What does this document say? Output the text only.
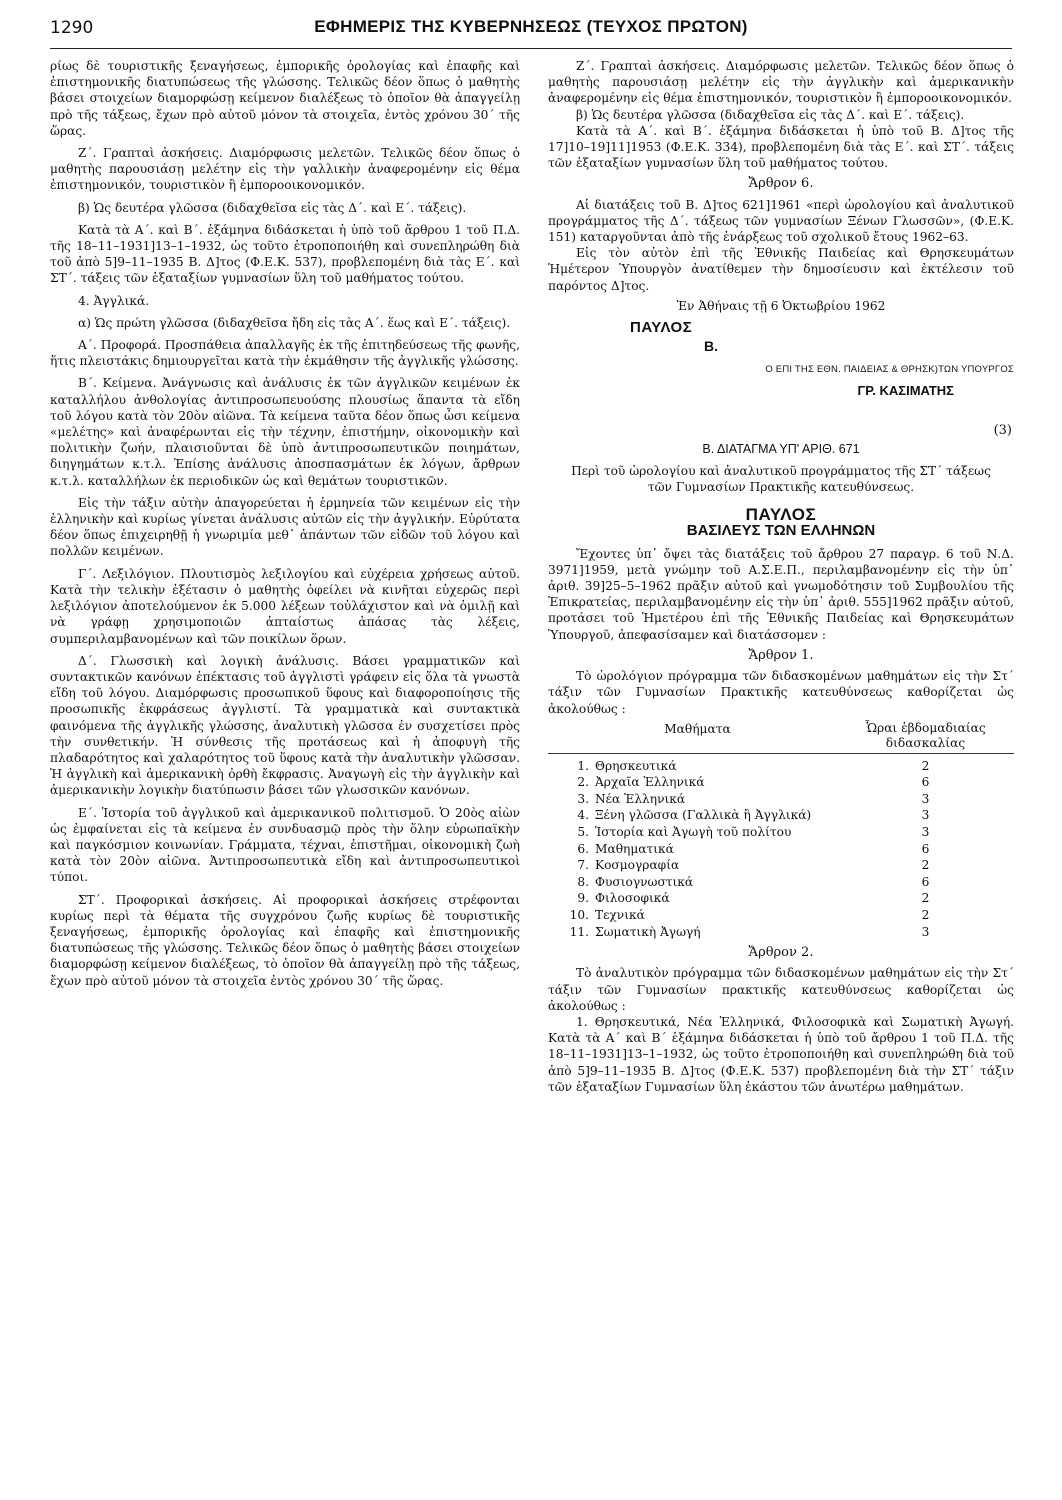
1290	ΕΦΗΜΕΡΙΣ ΤΗΣ ΚΥΒΕΡΝΗΣΕΩΣ (ΤΕΥΧΟΣ ΠΡΩΤΟΝ)

ρίως δὲ τουριστικῆς ξεναγήσεως, ἐμπορικῆς ὁρολογίας καὶ ἐπαφῆς καὶ ἐπιστημονικῆς διατυπώσεως τῆς γλώσσης. Τελικῶς δέον ὅπως ὁ μαθητὴς βάσει στοιχείων διαμορφώσῃ κείμενον διαλέξεως τὸ ὁποῖον θὰ ἀπαγγείλῃ πρὸ τῆς τάξεως, ἔχων πρὸ αὐτοῦ μόνον τὰ στοιχεῖα, ἐντὸς χρόνου 30΄ τῆς ὥρας.

Ζ΄. Γραπταὶ ἀσκήσεις. Διαμόρφωσις μελετῶν. Τελικῶς δέον ὅπως ὁ μαθητὴς παρουσιάσῃ μελέτην εἰς τὴν γαλλικὴν ἀναφερομένην εἰς θέμα ἐπιστημονικόν, τουριστικὸν ἢ ἐμπορoοικονομικόν.

β) Ὡς δευτέρα γλῶσσα (διδαχθεῖσα εἰς τὰς Δ΄. καὶ Ε΄. τάξεις).

Κατὰ τὰ Α΄. καὶ Β΄. ἑξάμηνα διδάσκεται ἡ ὑπὸ τοῦ ἄρθρου 1 τοῦ Π.Δ. τῆς 18–11–1931]13–1–1932, ὡς τοῦτο ἐτροποποιήθη καὶ συνεπληρώθη διὰ τοῦ ἀπὸ 5]9–11–1935 Β. Δ]τος (Φ.Ε.Κ. 537), προβλεπομένη διὰ τὰς Ε΄. καὶ ΣΤ΄. τάξεις τῶν ἑξαταξίων γυμνασίων ὕλη τοῦ μαθήματος τούτου.

4. Ἀγγλικά.

α) Ὡς πρώτη γλῶσσα (διδαχθεῖσα ἤδη εἰς τὰς Α΄. ἕως καὶ Ε΄. τάξεις).

Α΄. Προφορά. Προσπάθεια ἀπαλλαγῆς ἐκ τῆς ἐπιτηδεύσεως τῆς φωνῆς, ἥτις πλειστάκις δημιουργεῖται κατὰ τὴν ἐκμάθησιν τῆς ἀγγλικῆς γλώσσης.

Β΄. Κείμενα. Ἀνάγνωσις καὶ ἀνάλυσις ἐκ τῶν ἀγγλικῶν κειμένων ἐκ καταλλήλου ἀνθολογίας ἀντιπροσωπευούσης πλουσίως ἅπαντα τὰ εἴδη τοῦ λόγου κατὰ τὸν 20ὸν αἰῶνα. Τὰ κείμενα ταῦτα δέον ὅπως ὦσι κείμενα «μελέτης» καὶ ἀναφέρωνται εἰς τὴν τέχνην, ἐπιστήμην, οἰκονομικὴν καὶ πολιτικὴν ζωήν, πλαισιοῦνται δὲ ὑπὸ ἀντιπροσωπευτικῶν ποιημάτων, διηγημάτων κ.τ.λ. Ἐπίσης ἀνάλυσις ἀποσπασμάτων ἐκ λόγων, ἄρθρων κ.τ.λ. καταλλήλων ἐκ περιοδικῶν ὡς καὶ θεμάτων τουριστικῶν.

Εἰς τὴν τάξιν αὐτὴν ἀπαγορεύεται ἡ ἑρμηνεία τῶν κειμένων εἰς τὴν ἑλληνικὴν καὶ κυρίως γίνεται ἀνάλυσις αὐτῶν εἰς τὴν ἀγγλικήν. Εὐρύτατα δέον ὅπως ἐπιχειρηθῇ ἡ γνωριμία μεθ᾿ ἁπάντων τῶν εἰδῶν τοῦ λόγου καὶ πολλῶν κειμένων.

Γ΄. Λεξιλόγιον. Πλουτισμὸς λεξιλογίου καὶ εὐχέρεια χρήσεως αὐτοῦ. Κατὰ τὴν τελικὴν ἐξέτασιν ὁ μαθητὴς ὀφείλει νὰ κινῆται εὐχερῶς περὶ λεξιλόγιον ἀποτελούμενον ἐκ 5.000 λέξεων τοὐλάχιστον καὶ νὰ ὁμιλῇ καὶ νὰ γράφῃ χρησιμοποιῶν ἀπταίστως ἁπάσας τὰς λέξεις, συμπεριλαμβανομένων καὶ τῶν ποικίλων ὅρων.

Δ΄. Γλωσσικὴ καὶ λογικὴ ἀνάλυσις. Βάσει γραμματικῶν καὶ συντακτικῶν κανόνων ἐπέκτασις τοῦ ἀγγλιστὶ γράφειν εἰς ὅλα τὰ γνωστὰ εἴδη τοῦ λόγου. Διαμόρφωσις προσωπικοῦ ὕφους καὶ διαφοροποίησις τῆς προσωπικῆς ἐκφράσεως ἀγγλιστί. Τὰ γραμματικὰ καὶ συντακτικὰ φαινόμενα τῆς ἀγγλικῆς γλώσσης, ἀναλυτικὴ γλῶσσα ἐν συσχετίσει πρὸς τὴν συνθετικήν. Ἡ σύνθεσις τῆς προτάσεως καὶ ἡ ἀποφυγὴ τῆς πλαδαρότητος καὶ χαλαρότητος τοῦ ὕφους κατὰ τὴν ἀναλυτικὴν γλῶσσαν. Ἡ ἀγγλικὴ καὶ ἀμερικανικὴ ὀρθὴ ἔκφρασις. Ἀναγωγὴ εἰς τὴν ἀγγλικὴν καὶ ἀμερικανικὴν λογικὴν διατύπωσιν βάσει τῶν γλωσσικῶν κανόνων.

Ε΄. Ἱστορία τοῦ ἀγγλικοῦ καὶ ἀμερικανικοῦ πολιτισμοῦ. Ὁ 20ὸς αἰὼν ὡς ἐμφαίνεται εἰς τὰ κείμενα ἐν συνδυασμῷ πρὸς τὴν ὅλην εὐρωπαϊκὴν καὶ παγκόσμιον κοινωνίαν. Γράμματα, τέχναι, ἐπιστῆμαι, οἰκονομικὴ ζωὴ κατὰ τὸν 20ὸν αἰῶνα. Ἀντιπροσωπευτικὰ εἴδη καὶ ἀντιπροσωπευτικοὶ τύποι.

ΣΤ΄. Προφορικαὶ ἀσκήσεις. Αἱ προφορικαὶ ἀσκήσεις στρέφονται κυρίως περὶ τὰ θέματα τῆς συγχρόνου ζωῆς κυρίως δὲ τουριστικῆς ξεναγήσεως, ἐμπορικῆς ὁρολογίας καὶ ἐπαφῆς καὶ ἐπιστημονικῆς διατυπώσεως τῆς γλώσσης. Τελικῶς δέον ὅπως ὁ μαθητὴς βάσει στοιχείων διαμορφώσῃ κείμενον διαλέξεως, τὸ ὁποῖον θὰ ἀπαγγείλῃ πρὸ τῆς τάξεως, ἔχων πρὸ αὐτοῦ μόνον τὰ στοιχεῖα ἐντὸς χρόνου 30΄ τῆς ὥρας.

Ζ΄. Γραπταὶ ἀσκήσεις. Διαμόρφωσις μελετῶν. Τελικῶς δέον ὅπως ὁ μαθητὴς παρουσιάσῃ μελέτην εἰς τὴν ἀγγλικὴν καὶ ἀμερικανικὴν ἀναφερομένην εἰς θέμα ἐπιστημονικόν, τουριστικὸν ἢ ἐμπορoοικονομικόν.

β) Ὡς δευτέρα γλῶσσα (διδαχθεῖσα εἰς τὰς Δ΄. καὶ Ε΄. τάξεις).

Κατὰ τὰ Α΄. καὶ Β΄. ἑξάμηνα διδάσκεται ἡ ὑπὸ τοῦ Β. Δ]τος τῆς 17]10–19]11]1953 (Φ.Ε.Κ. 334), προβλεπομένη διὰ τὰς Ε΄. καὶ ΣΤ΄. τάξεις τῶν ἑξαταξίων γυμνασίων ὕλη τοῦ μαθήματος τούτου.

Ἄρθρον 6.

Αἱ διατάξεις τοῦ Β. Δ]τος 621]1961 «περὶ ὡρολογίου καὶ ἀναλυτικοῦ προγράμματος τῆς Δ΄. τάξεως τῶν γυμνασίων Ξένων Γλωσσῶν», (Φ.Ε.Κ. 151) καταργοῦνται ἀπὸ τῆς ἐνάρξεως τοῦ σχολικοῦ ἔτους 1962–63.

Εἰς τὸν αὐτὸν ἐπὶ τῆς Ἐθνικῆς Παιδείας καὶ Θρησκευμάτων Ἡμέτερον Ὑπουργὸν ἀνατίθεμεν τὴν δημοσίευσιν καὶ ἐκτέλεσιν τοῦ παρόντος Δ]τος.

Ἐν Ἀθήναις τῇ 6 Ὀκτωβρίου 1962

ΠΑΥΛΟΣ
Β.
Ο ΕΠΙ ΤΗΣ ΕΘΝ. ΠΑΙΔΕΙΑΣ & ΘΡΗΣΚ)ΤΩΝ ΥΠΟΥΡΓΟΣ
ΓΡ. ΚΑΣΙΜΑΤΗΣ
(3)
Β. ΔΙΑΤΑΓΜΑ ΥΠ' ΑΡΙΘ. 671

Περὶ τοῦ ὡρολογίου καὶ ἀναλυτικοῦ προγράμματος τῆς ΣΤ΄ τάξεως τῶν Γυμνασίων Πρακτικῆς κατευθύνσεως.

ΠΑΥΛΟΣ
ΒΑΣΙΛΕΥΣ ΤΩΝ ΕΛΛΗΝΩΝ

Ἔχοντες ὑπ᾿ ὄψει τὰς διατάξεις τοῦ ἄρθρου 27 παραγρ. 6 τοῦ Ν.Δ. 3971]1959, μετὰ γνώμην τοῦ Α.Σ.Ε.Π., περιλαμβανομένην εἰς τὴν ὑπ᾿ ἀριθ. 39]25–5–1962 πρᾶξιν αὐτοῦ καὶ γνωμοδότησιν τοῦ Συμβουλίου τῆς Ἐπικρατείας, περιλαμβανομένην εἰς τὴν ὑπ᾿ ἀριθ. 555]1962 πρᾶξιν αὐτοῦ, προτάσει τοῦ Ἡμετέρου ἐπὶ τῆς Ἐθνικῆς Παιδείας καὶ Θρησκευμάτων Ὑπουργοῦ, ἀπεφασίσαμεν καὶ διατάσσομεν :

Ἄρθρον 1.

Τὸ ὡρολόγιον πρόγραμμα τῶν διδασκομένων μαθημάτων εἰς τὴν Στ΄ τάξιν τῶν Γυμνασίων Πρακτικῆς κατευθύνσεως καθορίζεται ὡς ἀκολούθως :

Μαθήματα		Ὧραι ἑβδομαδιαίας διδασκαλίας

1.	Θρησκευτικά	2
2.	Ἀρχαῖα Ἑλληνικά	6
3.	Νέα Ἑλληνικά	3
4.	Ξένη γλῶσσα (Γαλλικὰ ἢ Ἀγγλικά)	3
5.	Ἱστορία καὶ Ἀγωγὴ τοῦ πολίτου	3
6.	Μαθηματικά	6
7.	Κοσμογραφία	2
8.	Φυσιογνωστικά	6
9.	Φιλοσοφικά	2
10.	Τεχνικά	2
11.	Σωματικὴ Ἀγωγή	3

Ἄρθρον 2.

Τὸ ἀναλυτικὸν πρόγραμμα τῶν διδασκομένων μαθημάτων εἰς τὴν Στ΄ τάξιν τῶν Γυμνασίων πρακτικῆς κατευθύνσεως καθορίζεται ὡς ἀκολούθως :

1. Θρησκευτικά, Νέα Ἑλληνικά, Φιλοσοφικὰ καὶ Σωματικὴ Ἀγωγή. Κατὰ τὰ Α΄ καὶ Β΄ ἑξάμηνα διδάσκεται ἡ ὑπὸ τοῦ ἄρθρου 1 τοῦ Π.Δ. τῆς 18–11–1931]13–1–1932, ὡς τοῦτο ἐτροποποιήθη καὶ συνεπληρώθη διὰ τοῦ ἀπὸ 5]9–11–1935 Β. Δ]τος (Φ.Ε.Κ. 537) προβλεπομένη διὰ τὴν ΣΤ΄ τάξιν τῶν ἑξαταξίων Γυμνασίων ὕλη ἑκάστου τῶν ἀνωτέρω μαθημάτων.
